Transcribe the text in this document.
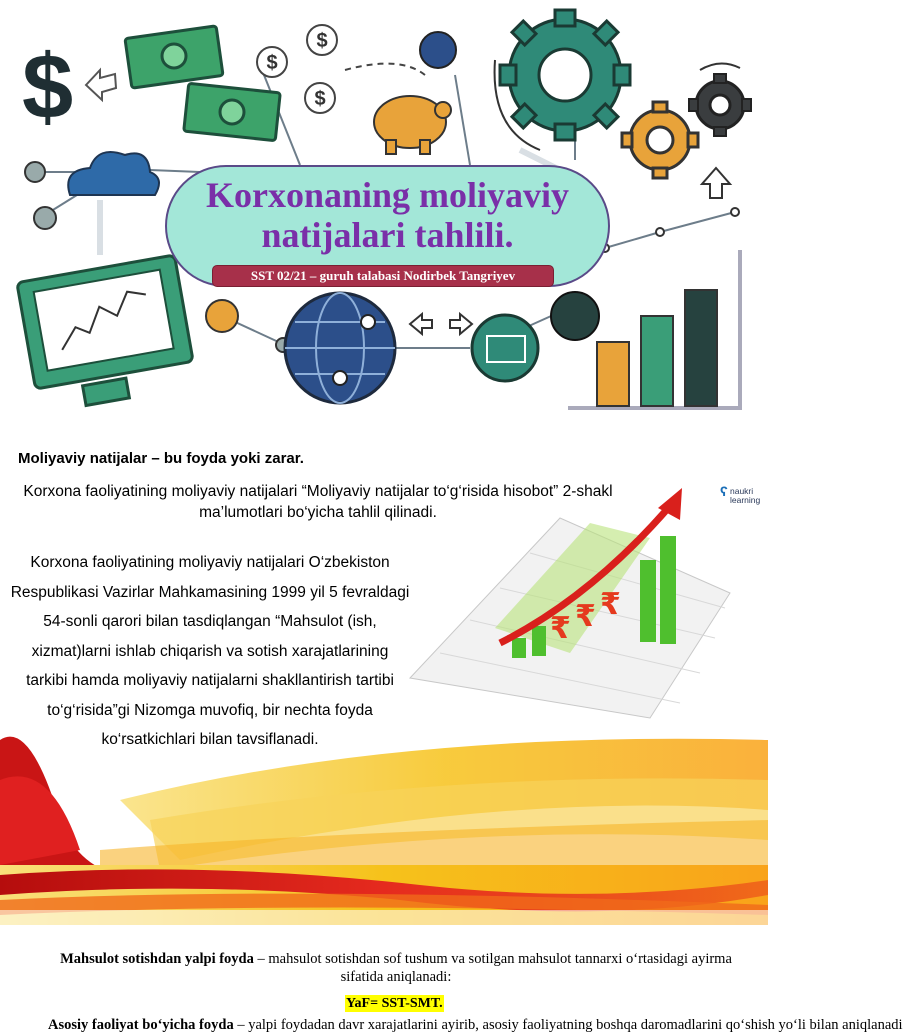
$	$
$
$
Korxonaning moliyaviy natijalari tahlili.
SST 02/21 – guruh talabasi Nodirbek Tangriyev
Moliyaviy natijalar – bu foyda yoki zarar.
Korxona faoliyatining moliyaviy natijalari “Moliyaviy natijalar to‘g‘risida hisobot” 2-shakl ma’lumotlari bo‘yicha tahlil qilinadi.
Korxona faoliyatining moliyaviy natijalari O‘zbekiston Respublikasi Vazirlar Mahkamasining 1999 yil 5 fevraldagi 54-sonli qarori bilan tasdiqlangan “Mahsulot (ish, xizmat)larni ishlab chiqarish va sotish xarajatlarining tarkibi hamda moliyaviy natijalarni shakllantirish tartibi to‘g‘risida”gi Nizomga muvofiq, bir nechta foyda ko‘rsatkichlari bilan tavsiflanadi.
₹ ₹ ₹
ʕ naukri

learning
Mahsulot sotishdan yalpi foyda – mahsulot sotishdan sof tushum va sotilgan mahsulot tannarxi o‘rtasidagi ayirma sifatida aniqlanadi:
YaF= SST-SMT.
Asosiy faoliyat bo‘yicha foyda – yalpi foydadan davr xarajatlarini ayirib, asosiy faoliyatning boshqa daromadlarini qo‘shish yo‘li bilan aniqlanadi
